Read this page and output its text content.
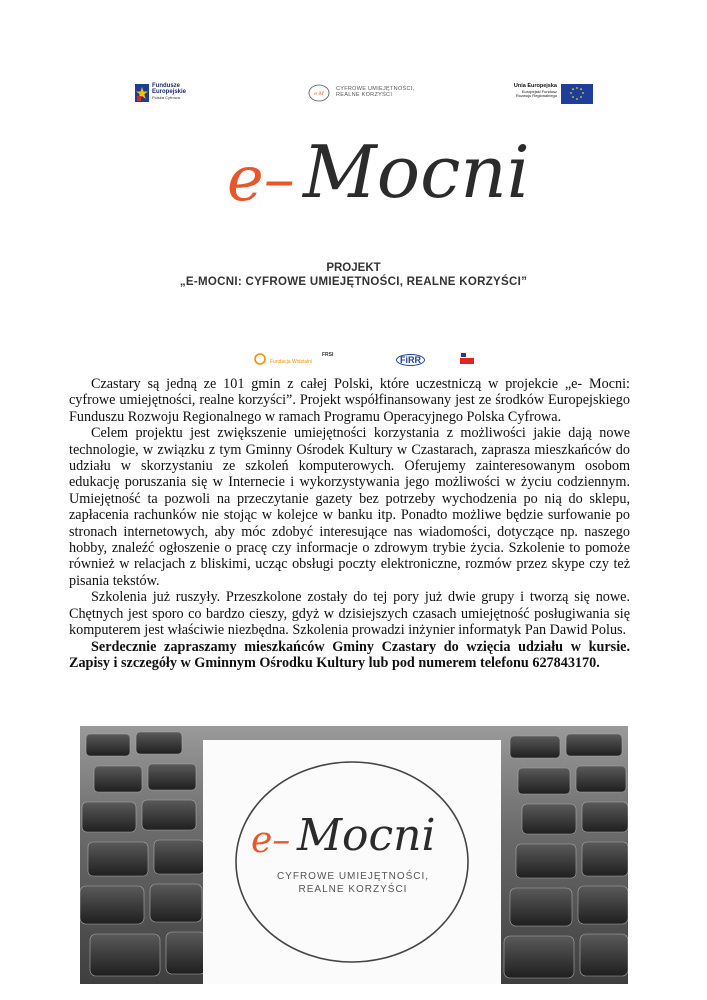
Fundusze
Europejskie
Polska Cyfrowa
e-M
CYFROWE UMIEJĘTNOŚCI,
REALNE KORZYŚCI
Unia Europejska
Europejski Fundusz
Rozwoju Regionalnego
e– Mocni
PROJEKT
„E-MOCNI: CYFROWE UMIEJĘTNOŚCI, REALNE KORZYŚCI”
Fundacja Widzialni
FRSI	FiRR

Czastary są jedną ze 101 gmin z całej Polski, które uczestniczą w projekcie „e- Mocni: cyfrowe umiejętności, realne korzyści”. Projekt współfinansowany jest ze środków Europejskiego Funduszu Rozwoju Regionalnego w ramach Programu Operacyjnego Polska Cyfrowa.

Celem projektu jest zwiększenie umiejętności korzystania z możliwości jakie dają nowe technologie, w związku z tym Gminny Ośrodek Kultury w Czastarach, zaprasza mieszkańców do udziału w skorzystaniu ze szkoleń komputerowych. Oferujemy zainteresowanym osobom edukację poruszania się w Internecie i wykorzystywania jego możliwości w życiu codziennym. Umiejętność ta pozwoli na przeczytanie gazety bez potrzeby wychodzenia po nią do sklepu, zapłacenia rachunków nie stojąc w kolejce w banku itp. Ponadto możliwe będzie surfowanie po stronach internetowych, aby móc zdobyć interesujące nas wiadomości, dotyczące np. naszego hobby, znaleźć ogłoszenie o pracę czy informacje o zdrowym trybie życia. Szkolenie to pomoże również w relacjach z bliskimi, ucząc obsługi poczty elektroniczne, rozmów przez skype czy też pisania tekstów.

Szkolenia już ruszyły. Przeszkolone zostały do tej pory już dwie grupy i tworzą się nowe. Chętnych jest sporo co bardzo cieszy, gdyż w dzisiejszych czasach umiejętność posługiwania się komputerem jest właściwie niezbędna. Szkolenia prowadzi inżynier informatyk Pan Dawid Polus.

Serdecznie zapraszamy mieszkańców Gminy Czastary do wzięcia udziału w kursie. Zapisy i szczegóły w Gminnym Ośrodku Kultury lub pod numerem telefonu 627843170.

e– Mocni
CYFROWE UMIEJĘTNOŚCI,
REALNE KORZYŚCI
